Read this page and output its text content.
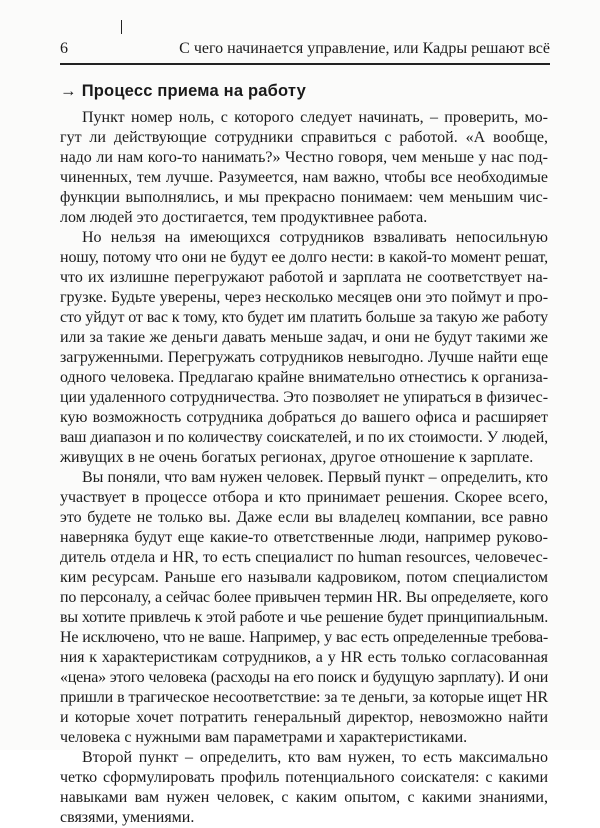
6	С чего начинается управление, или Кадры решают всё
→ Процесс приема на работу
Пункт номер ноль, с которого следует начинать, – проверить, мо-
гут ли действующие сотрудники справиться с работой. «А вообще,
надо ли нам кого-то нанимать?» Честно говоря, чем меньше у нас под-
чиненных, тем лучше. Разумеется, нам важно, чтобы все необходимые
функции выполнялись, и мы прекрасно понимаем: чем меньшим чис-
лом людей это достигается, тем продуктивнее работа.
Но нельзя на имеющихся сотрудников взваливать непосильную
ношу, потому что они не будут ее долго нести: в какой-то момент решат,
что их излишне перегружают работой и зарплата не соответствует на-
грузке. Будьте уверены, через несколько месяцев они это поймут и про-
сто уйдут от вас к тому, кто будет им платить больше за такую же работу
или за такие же деньги давать меньше задач, и они не будут такими же
загруженными. Перегружать сотрудников невыгодно. Лучше найти еще
одного человека. Предлагаю крайне внимательно отнестись к организа-
ции удаленного сотрудничества. Это позволяет не упираться в физичес-
кую возможность сотрудника добраться до вашего офиса и расширяет
ваш диапазон и по количеству соискателей, и по их стоимости. У людей,
живущих в не очень богатых регионах, другое отношение к зарплате.
Вы поняли, что вам нужен человек. Первый пункт – определить, кто
участвует в процессе отбора и кто принимает решения. Скорее всего,
это будете не только вы. Даже если вы владелец компании, все равно
наверняка будут еще какие-то ответственные люди, например руково-
дитель отдела и HR, то есть специалист по human resources, человечес-
ким ресурсам. Раньше его называли кадровиком, потом специалистом
по персоналу, а сейчас более привычен термин HR. Вы определяете, кого
вы хотите привлечь к этой работе и чье решение будет принципиальным.
Не исключено, что не ваше. Например, у вас есть определенные требова-
ния к характеристикам сотрудников, а у HR есть только согласованная
«цена» этого человека (расходы на его поиск и будущую зарплату). И они
пришли в трагическое несоответствие: за те деньги, за которые ищет HR
и которые хочет потратить генеральный директор, невозможно найти
человека с нужными вам параметрами и характеристиками.
Второй пункт – определить, кто вам нужен, то есть максимально
четко сформулировать профиль потенциального соискателя: с какими
навыками вам нужен человек, с каким опытом, с какими знаниями,
связями, умениями.
